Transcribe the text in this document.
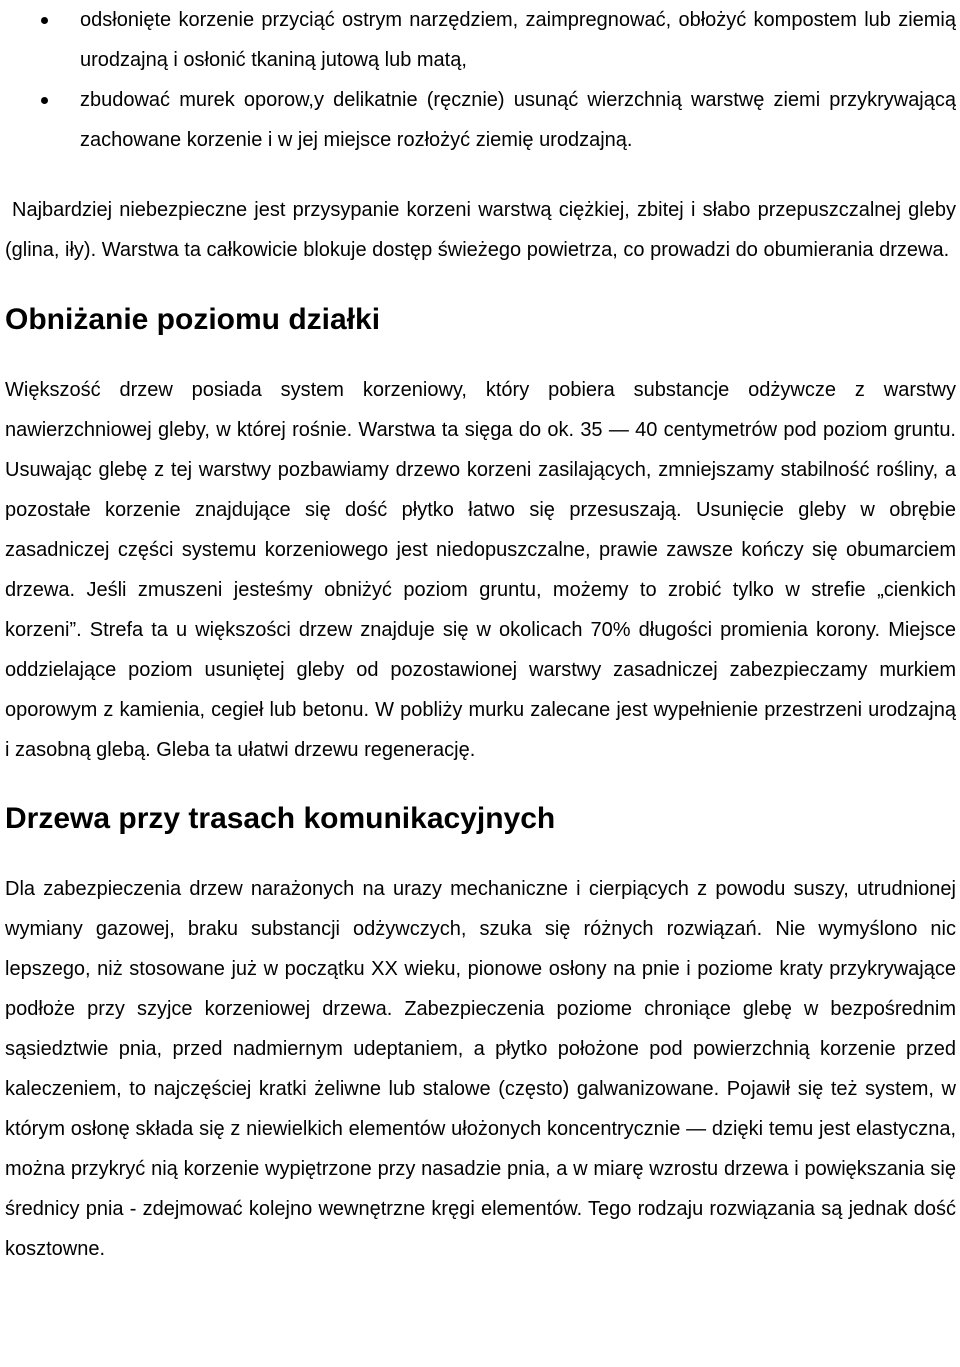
odsłonięte korzenie przyciąć ostrym narzędziem, zaimpregnować, obłożyć kompostem lub ziemią urodzajną i osłonić tkaniną jutową lub matą,
zbudować murek oporow,y delikatnie (ręcznie) usunąć wierzchnią warstwę ziemi przykrywającą zachowane korzenie i w jej miejsce rozłożyć ziemię urodzajną.

Najbardziej niebezpieczne jest przysypanie korzeni warstwą ciężkiej, zbitej i słabo przepuszczalnej gleby (glina, iły). Warstwa ta całkowicie blokuje dostęp świeżego powietrza, co prowadzi do obumierania drzewa.

Obniżanie poziomu działki

Większość drzew posiada system korzeniowy, który pobiera substancje odżywcze z warstwy nawierzchniowej gleby, w której rośnie. Warstwa ta sięga do ok. 35 — 40 centymetrów pod poziom gruntu. Usuwając glebę z tej warstwy pozbawiamy drzewo korzeni zasilających, zmniejszamy stabilność rośliny, a pozostałe korzenie znajdujące się dość płytko łatwo się przesuszają. Usunięcie gleby w obrębie zasadniczej części systemu korzeniowego jest niedopuszczalne, prawie zawsze kończy się obumarciem drzewa. Jeśli zmuszeni jesteśmy obniżyć poziom gruntu, możemy to zrobić tylko w strefie „cienkich korzeni”. Strefa ta u większości drzew znajduje się w okolicach 70% długości promienia korony. Miejsce oddzielające poziom usuniętej gleby od pozostawionej warstwy zasadniczej zabezpieczamy murkiem oporowym z kamienia, cegieł lub betonu. W pobliży murku zalecane jest wypełnienie przestrzeni urodzajną i zasobną glebą. Gleba ta ułatwi drzewu regenerację.

Drzewa przy trasach komunikacyjnych

Dla zabezpieczenia drzew narażonych na urazy mechaniczne i cierpiących z powodu suszy, utrudnionej wymiany gazowej, braku substancji odżywczych, szuka się różnych rozwiązań. Nie wymyślono nic lepszego, niż stosowane już w początku XX wieku, pionowe osłony na pnie i poziome kraty przykrywające podłoże przy szyjce korzeniowej drzewa. Zabezpieczenia poziome chroniące glebę w bezpośrednim sąsiedztwie pnia, przed nadmiernym udeptaniem, a płytko położone pod powierzchnią korzenie przed kaleczeniem, to najczęściej kratki żeliwne lub stalowe (często) galwanizowane. Pojawił się też system, w którym osłonę składa się z niewielkich elementów ułożonych koncentrycznie — dzięki temu jest elastyczna, można przykryć nią korzenie wypiętrzone przy nasadzie pnia, a w miarę wzrostu drzewa i powiększania się średnicy pnia - zdejmować kolejno wewnętrzne kręgi elementów. Tego rodzaju rozwiązania są jednak dość kosztowne.
